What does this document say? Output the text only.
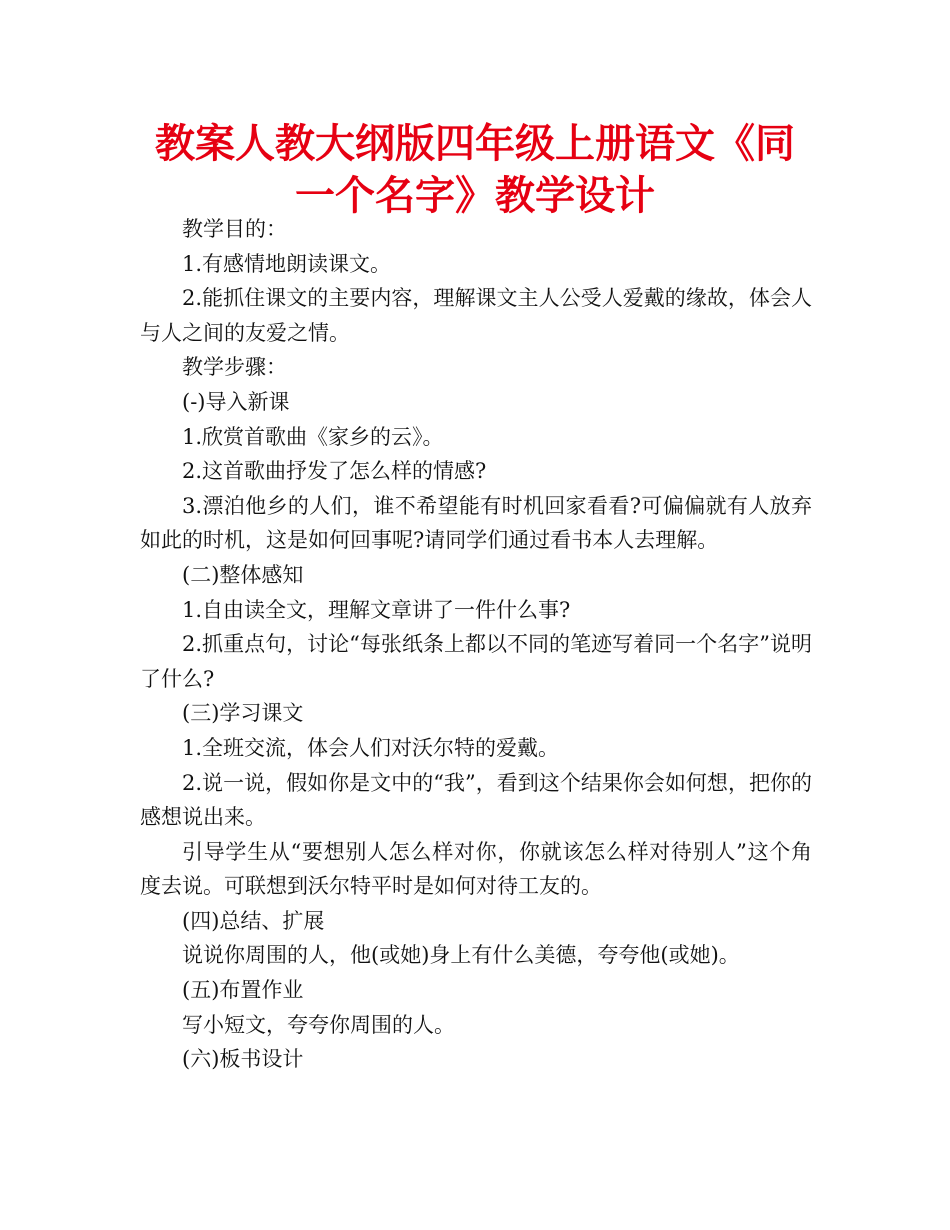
教案人教大纲版四年级上册语文《同一个名字》教学设计

教学目的：

1.有感情地朗读课文。

2.能抓住课文的主要内容，理解课文主人公受人爱戴的缘故，体会人与人之间的友爱之情。

教学步骤：

(-)导入新课

1.欣赏首歌曲《家乡的云》。

2.这首歌曲抒发了怎么样的情感?

3.漂泊他乡的人们，谁不希望能有时机回家看看?可偏偏就有人放弃如此的时机，这是如何回事呢?请同学们通过看书本人去理解。

(二)整体感知

1.自由读全文，理解文章讲了一件什么事?

2.抓重点句，讨论“每张纸条上都以不同的笔迹写着同一个名字”说明了什么?

(三)学习课文

1.全班交流，体会人们对沃尔特的爱戴。

2.说一说，假如你是文中的“我”，看到这个结果你会如何想，把你的感想说出来。

引导学生从“要想别人怎么样对你，你就该怎么样对待别人”这个角度去说。可联想到沃尔特平时是如何对待工友的。

(四)总结、扩展

说说你周围的人，他(或她)身上有什么美德，夸夸他(或她)。

(五)布置作业

写小短文，夸夸你周围的人。

(六)板书设计
